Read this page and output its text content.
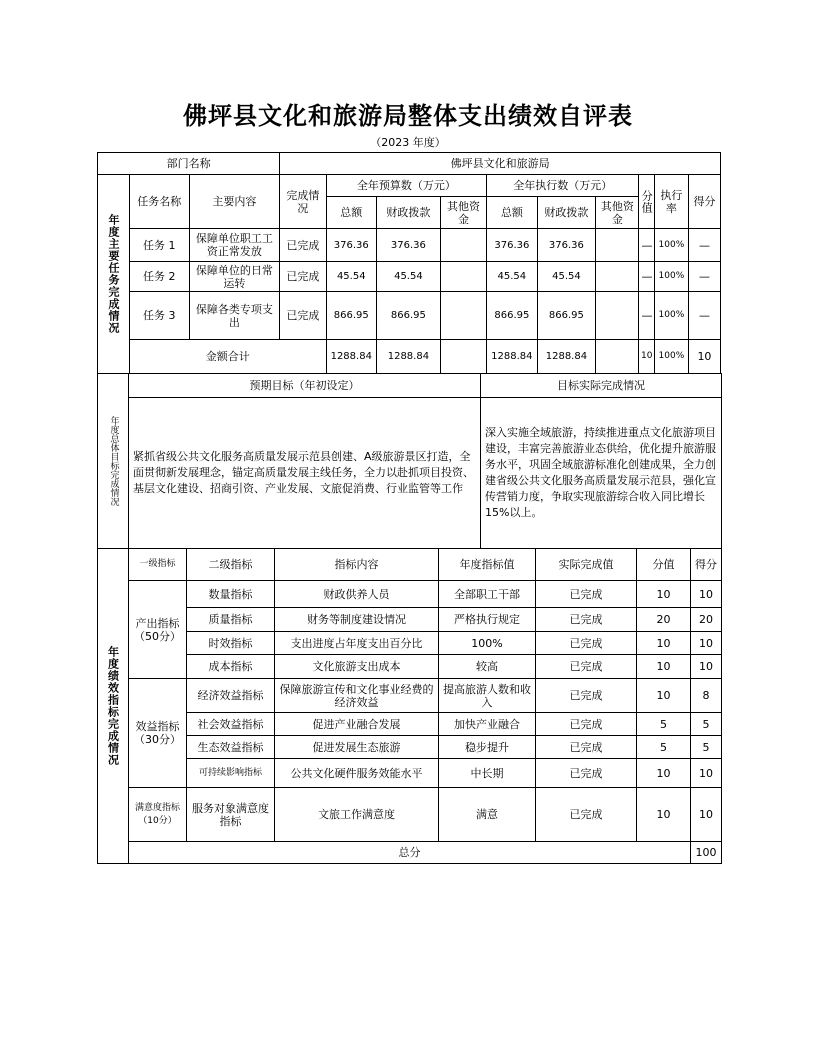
佛坪县文化和旅游局整体支出绩效自评表
（2023 年度）
部门名称			佛坪县文化和旅游局									
年度主要任务完成情况	任务名称	主要内容	完成情况	全年预算数（万元）			全年执行数（万元）			分值	执行率	得分
				总额	财政拨款	其他资金	总额	财政拨款	其他资金			
	任务 1	保障单位职工工资正常发放	已完成	376.36	376.36		376.36	376.36		—	100%	—
	任务 2	保障单位的日常运转	已完成	45.54	45.54		45.54	45.54		—	100%	—
	任务 3	保障各类专项支出	已完成	866.95	866.95		866.95	866.95		—	100%	—
	金额合计			1288.84	1288.84		1288.84	1288.84		10	100%	10
年度总体目标完成情况	预期目标（年初设定）	目标实际完成情况
	紧抓省级公共文化服务高质量发展示范县创建、A级旅游景区打造，全面贯彻新发展理念，锚定高质量发展主线任务，全力以赴抓项目投资、基层文化建设、招商引资、产业发展、文旅促消费、行业监管等工作	深入实施全域旅游，持续推进重点文化旅游项目建设，丰富完善旅游业态供给，优化提升旅游服务水平，巩固全域旅游标准化创建成果，全力创建省级公共文化服务高质量发展示范县，强化宣传营销力度，争取实现旅游综合收入同比增长 15%以上。
年度绩效指标完成情况	一级指标	二级指标	指标内容	年度指标值	实际完成值	分值	得分	
	产出指标（50分）	数量指标	财政供养人员	全部职工干部	已完成	10	10	
		质量指标	财务等制度建设情况	严格执行规定	已完成	20	20	
		时效指标	支出进度占年度支出百分比	100%	已完成	10	10	
		成本指标	文化旅游支出成本	较高	已完成	10	10	
	效益指标（30分）	经济效益指标	保障旅游宣传和文化事业经费的经济效益	提高旅游人数和收入	已完成	10	8	
		社会效益指标	促进产业融合发展	加快产业融合	已完成	5	5	
		生态效益指标	促进发展生态旅游	稳步提升	已完成	5	5	
		可持续影响指标	公共文化硬件服务效能水平	中长期	已完成	10	10	
	满意度指标（10分）	服务对象满意度指标	文旅工作满意度	满意	已完成	10	10	
	总分						100	
